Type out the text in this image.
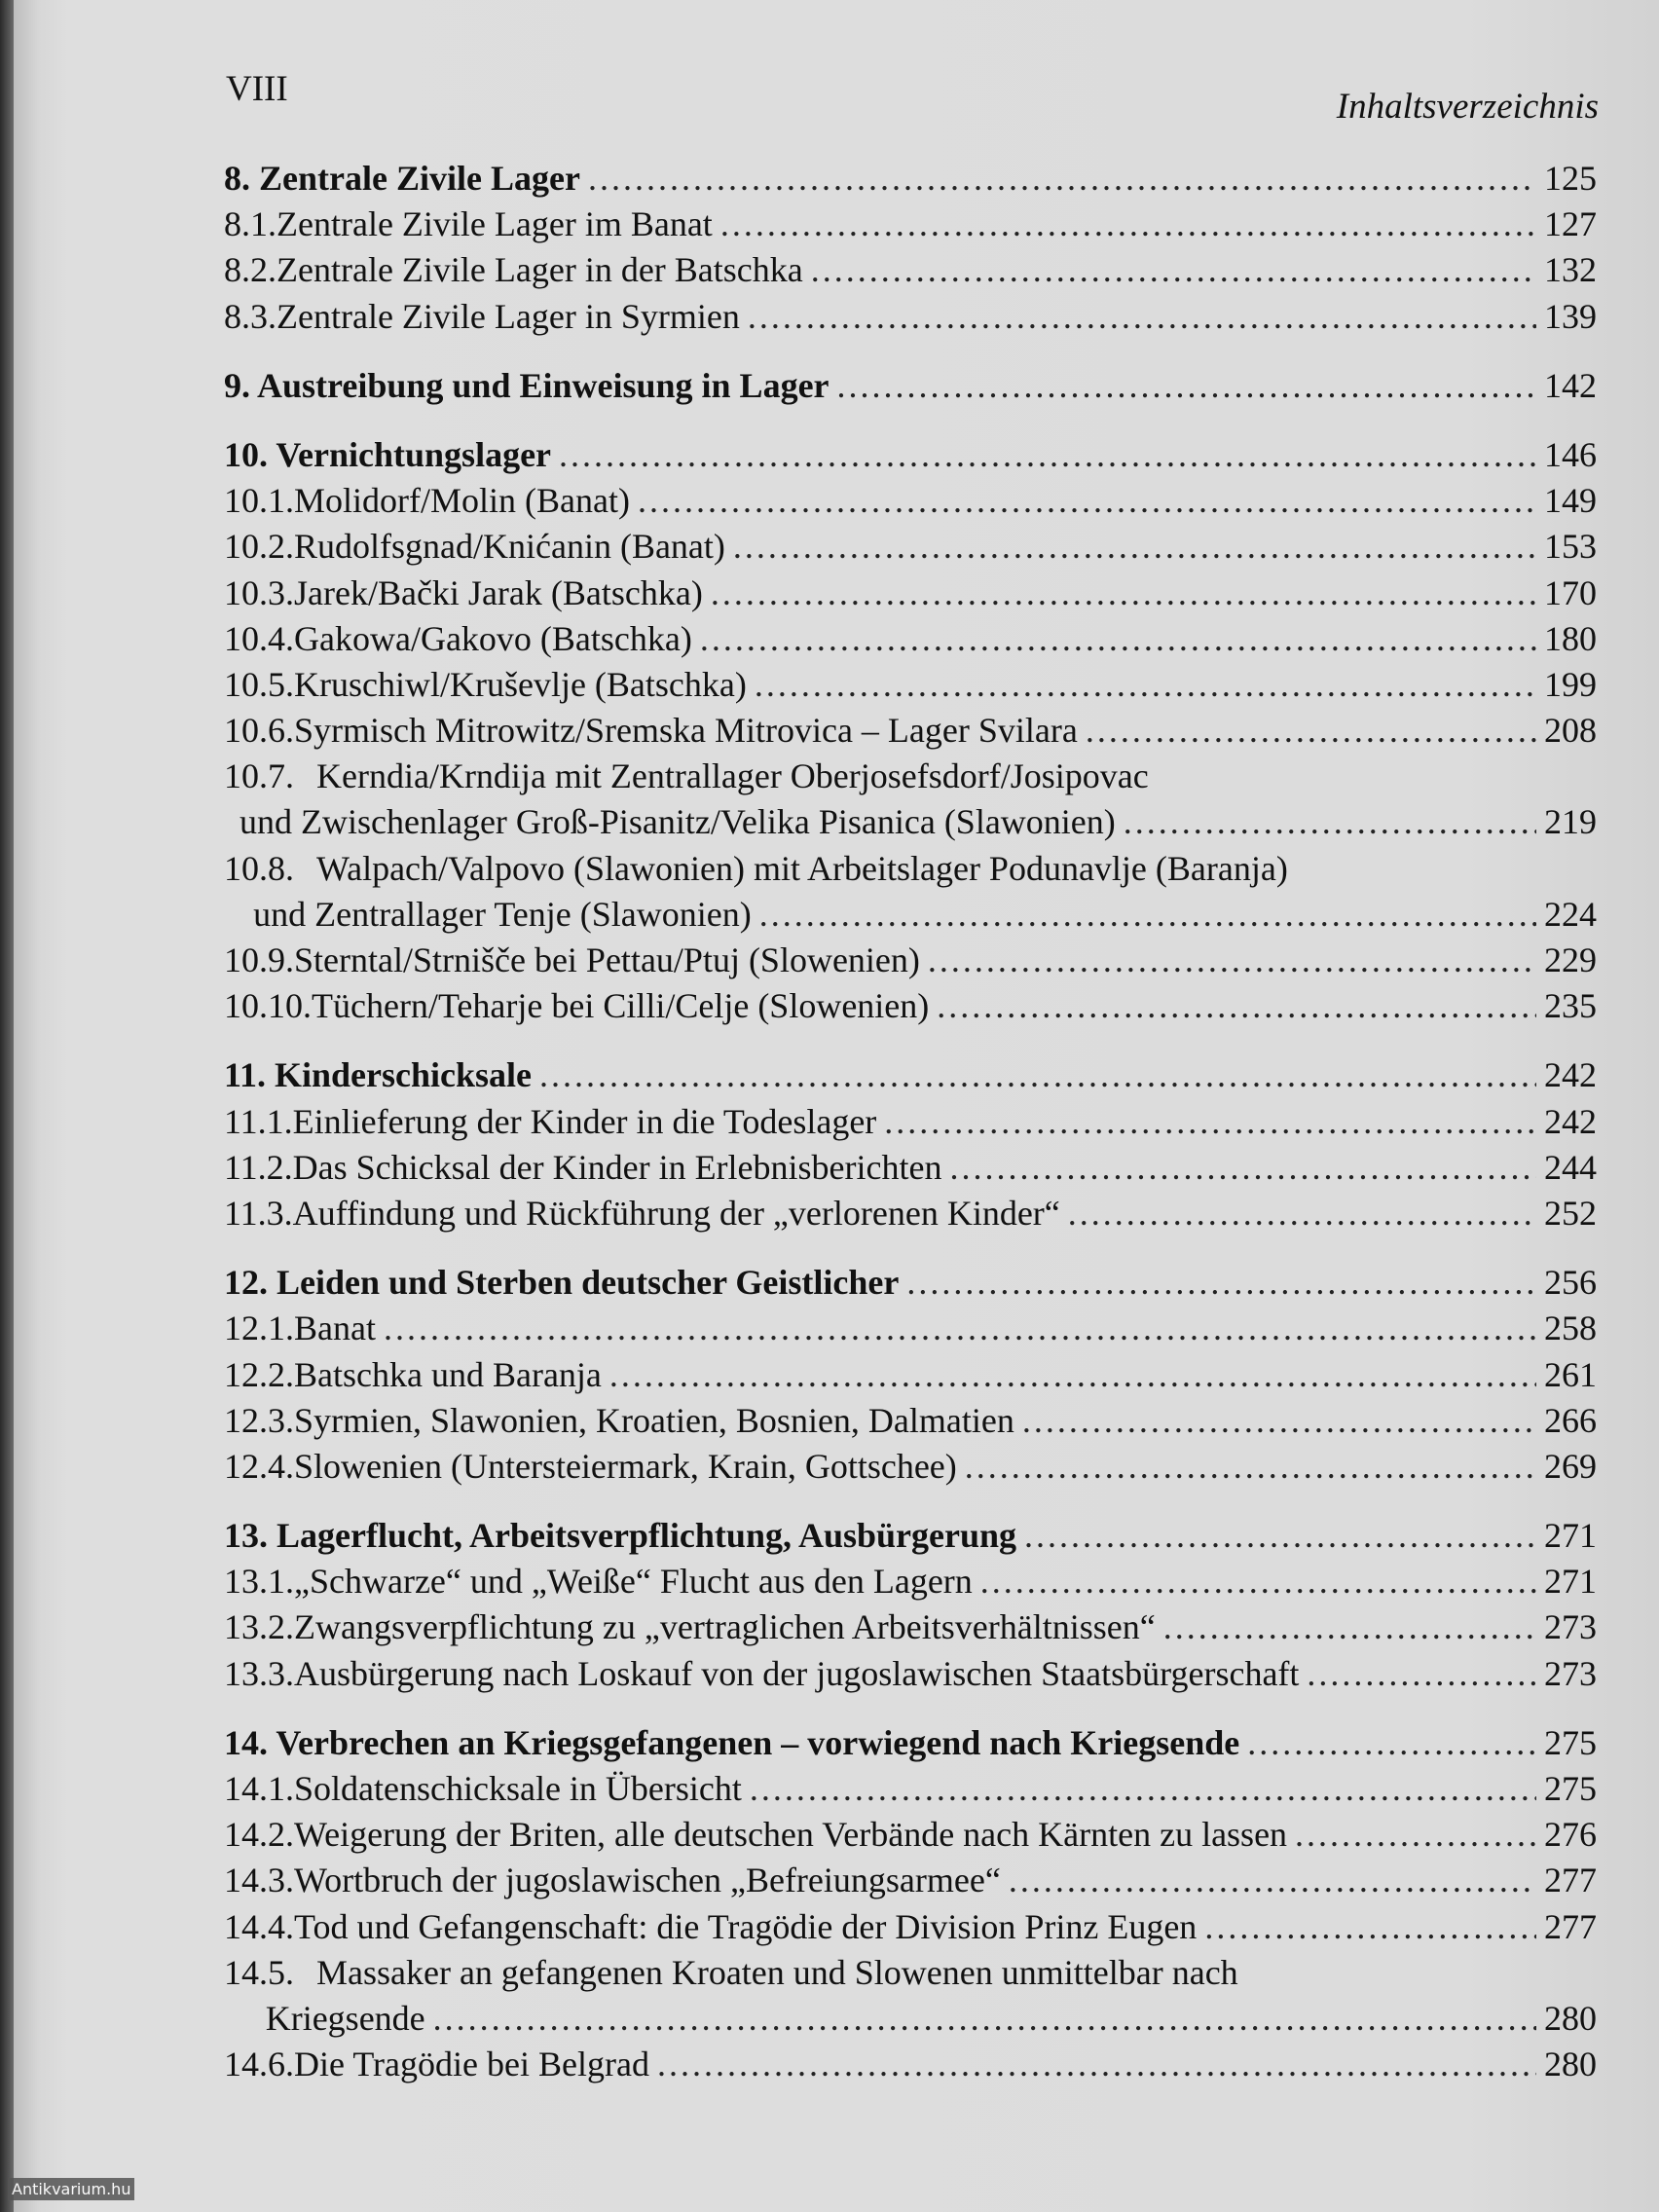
VIII	Inhaltsverzeichnis
8. Zentrale Zivile Lager .....	125
8.1. Zentrale Zivile Lager im Banat .....	127
8.2. Zentrale Zivile Lager in der Batschka .....	132
8.3. Zentrale Zivile Lager in Syrmien .....	139
9. Austreibung und Einweisung in Lager .....	142
10. Vernichtungslager .....	146
10.1. Molidorf/Molin (Banat) .....	149
10.2. Rudolfsgnad/Knićanin (Banat) .....	153
10.3. Jarek/Bački Jarak (Batschka) .....	170
10.4. Gakowa/Gakovo (Batschka) .....	180
10.5. Kruschiwl/Kruševlje (Batschka) .....	199
10.6. Syrmisch Mitrowitz/Sremska Mitrovica – Lager Svilara .....	208
10.7. Kerndia/Krndija mit Zentrallager Oberjosefsdorf/Josipovac
und Zwischenlager Groß-Pisanitz/Velika Pisanica (Slawonien) .....	219
10.8. Walpach/Valpovo (Slawonien) mit Arbeitslager Podunavlje (Baranja)
und Zentrallager Tenje (Slawonien) .....	224
10.9. Sterntal/Strnišče bei Pettau/Ptuj (Slowenien) .....	229
10.10. Tüchern/Teharje bei Cilli/Celje (Slowenien) .....	235
11. Kinderschicksale .....	242
11.1. Einlieferung der Kinder in die Todeslager .....	242
11.2. Das Schicksal der Kinder in Erlebnisberichten .....	244
11.3. Auffindung und Rückführung der „verlorenen Kinder“ .....	252
12. Leiden und Sterben deutscher Geistlicher .....	256
12.1. Banat .....	258
12.2. Batschka und Baranja .....	261
12.3. Syrmien, Slawonien, Kroatien, Bosnien, Dalmatien .....	266
12.4. Slowenien (Untersteiermark, Krain, Gottschee) .....	269
13. Lagerflucht, Arbeitsverpflichtung, Ausbürgerung .....	271
13.1. „Schwarze“ und „Weiße“ Flucht aus den Lagern .....	271
13.2. Zwangsverpflichtung zu „vertraglichen Arbeitsverhältnissen“ .....	273
13.3. Ausbürgerung nach Loskauf von der jugoslawischen Staatsbürgerschaft .....	273
14. Verbrechen an Kriegsgefangenen – vorwiegend nach Kriegsende .....	275
14.1. Soldatenschicksale in Übersicht .....	275
14.2. Weigerung der Briten, alle deutschen Verbände nach Kärnten zu lassen .....	276
14.3. Wortbruch der jugoslawischen „Befreiungsarmee“ .....	277
14.4. Tod und Gefangenschaft: die Tragödie der Division Prinz Eugen .....	277
14.5. Massaker an gefangenen Kroaten und Slowenen unmittelbar nach
Kriegsende .....	280
14.6. Die Tragödie bei Belgrad .....	280
Antikvarium.hu
